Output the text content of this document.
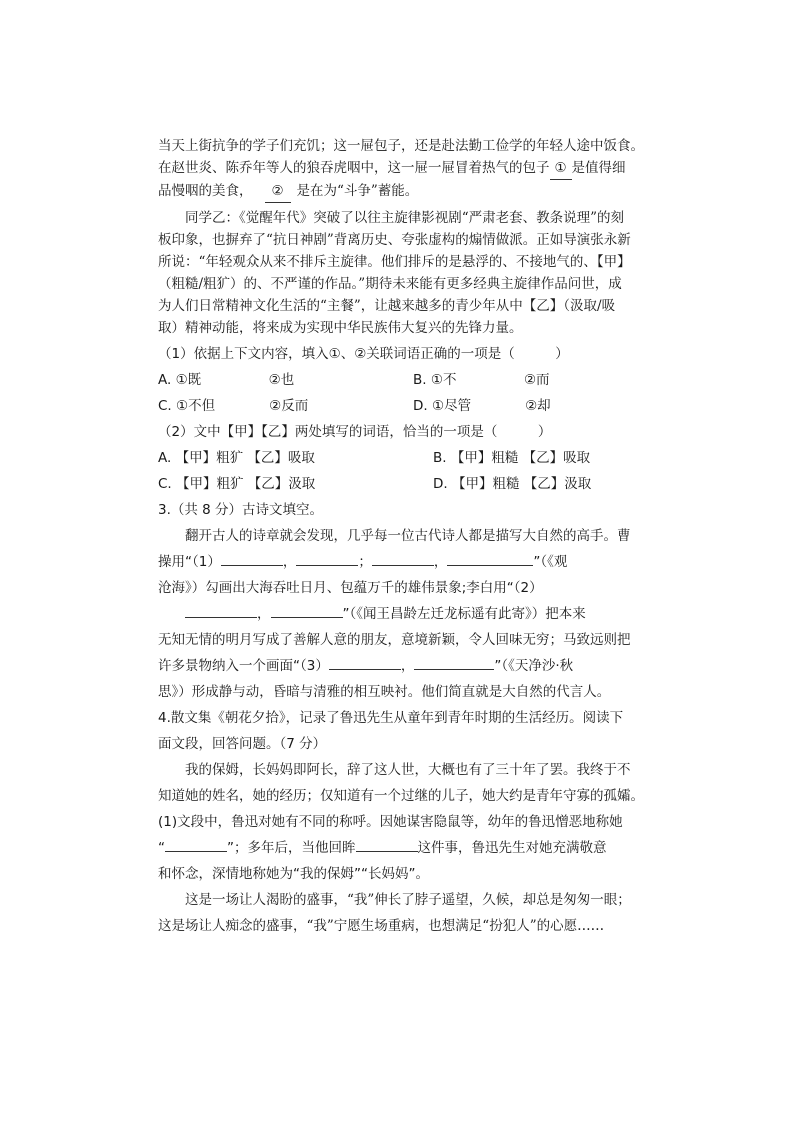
当天上街抗争的学子们充饥；这一屉包子，还是赴法勤工俭学的年轻人途中饭食。

在赵世炎、陈乔年等人的狼吞虎咽中，这一屉一屉冒着热气的包子 ① 是值得细

品慢咽的美食， ② 是在为“斗争”蓄能。

同学乙：《觉醒年代》突破了以往主旋律影视剧“严肃老套、教条说理”的刻

板印象，也摒弃了“抗日神剧”背离历史、夸张虚构的煽情做派。正如导演张永新

所说：“年轻观众从来不排斥主旋律。他们排斥的是悬浮的、不接地气的、【甲】

（粗糙/粗犷）的、不严谨的作品。”期待未来能有更多经典主旋律作品问世，成

为人们日常精神文化生活的“主餐”，让越来越多的青少年从中【乙】（汲取/吸

取）精神动能，将来成为实现中华民族伟大复兴的先锋力量。

（1）依据上下文内容，填入①、②关联词语正确的一项是（　　　）

A. ①既　　　　　②也	B. ①不　　　　　②而
C. ①不但　　　　②反而	D. ①尽管　　　　②却

（2）文中【甲】【乙】两处填写的词语，恰当的一项是（　　　）

A. 【甲】粗犷 【乙】吸取	B. 【甲】粗糙 【乙】吸取
C. 【甲】粗犷 【乙】汲取	D. 【甲】粗糙 【乙】汲取

3.（共 8 分）古诗文填空。

翻开古人的诗章就会发现，几乎每一位古代诗人都是描写大自然的高手。曹

操用“（1）	，	；	，	”（《观

沧海》）勾画出大海吞吐日月、包蕴万千的雄伟景象;李白用“（2）

，	”（《闻王昌龄左迁龙标遥有此寄》）把本来

无知无情的明月写成了善解人意的朋友，意境新颖，令人回味无穷；马致远则把

许多景物纳入一个画面“（3）	，	”（《天净沙·秋

思》）形成静与动，昏暗与清雅的相互映衬。他们简直就是大自然的代言人。

4.散文集《朝花夕拾》，记录了鲁迅先生从童年到青年时期的生活经历。阅读下

面文段，回答问题。（7 分）

我的保姆，长妈妈即阿长，辞了这人世，大概也有了三十年了罢。我终于不

知道她的姓名，她的经历；仅知道有一个过继的儿子，她大约是青年守寡的孤孀。

(1)文段中，鲁迅对她有不同的称呼。因她谋害隐鼠等，幼年的鲁迅憎恶地称她

“	”；多年后，当他回眸	这件事，鲁迅先生对她充满敬意

和怀念，深情地称她为“我的保姆”“长妈妈”。

这是一场让人渴盼的盛事，“我”伸长了脖子遥望，久候，却总是匆匆一眼；

这是场让人痴念的盛事，“我”宁愿生场重病，也想满足“扮犯人”的心愿……
